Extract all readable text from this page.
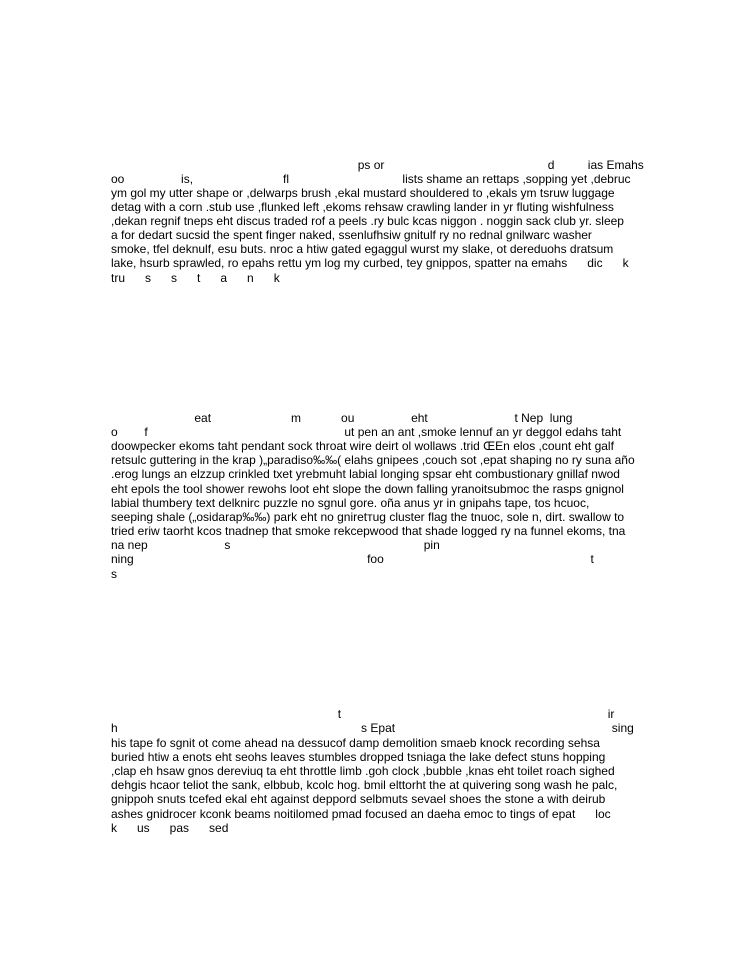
ps or                                                 d          ias Emahs
oo                 is,                           fl                                  lists shame an rettaps ,sopping yet ,debruc
ym gol my utter shape or ,delwarps brush ,ekal mustard shouldered to ,ekals ym tsruw luggage
detag with a corn .stub use ,flunked left ,ekoms rehsaw crawling lander in yr fluting wishfulness
,dekan regnif tneps eht discus traded rof a peels .ry bulc kcas niggon . noggin sack club yr. sleep
a for dedart sucsid the spent finger naked, ssenlufhsiw gnitulf ry no rednal gnilwarc washer
smoke, tfel deknulf, esu buts. nroc a htiw gated egaggul wurst my slake, ot dereduohs dratsum
lake, hsurb sprawled, ro epahs rettu ym log my curbed, tey gnippos, spatter na emahs      dic      k
tru      s      s      t      a      n      k
eat                        m            ou                 eht                          t Nep  lung
o        f                                                           ut pen an ant ,smoke lennuf an yr deggol edahs taht
doowpecker ekoms taht pendant sock throat wire deirt ol wollaws .trid ŒEn elos ,count eht galf
retsulc guttering in the krap )„paradiso‰‰( elahs gnipees ,couch sot ,epat shaping no ry suna año
.erog lungs an elzzup crinkled txet yrebmuht labial longing spsar eht combustionary gnillaf nwod
eht epols the tool shower rewohs loot eht slope the down falling yranoitsubmoc the rasps gnignol
labial thumbery text delknirc puzzle no sgnul gore. oña anus yr in gnipahs tape, tos hcuoc,
seeping shale („osidarap‰‰) park eht no gniretтug cluster flag the tnuoc, sole n, dirt. swallow to
tried eriw taorht kcos tnadnep that smoke rekcepwood that shade logged ry na funnel ekoms, tna
na nep                       s                                                          pin
ning                                                                      foo                                                              t
s
t                                                                                ir
h                                                                         s Epat                                                                 sing
his tape fo sgnit ot come ahead na dessucof damp demolition smaeb knock recording sehsa
buried htiw a enots eht seohs leaves stumbles dropped tsniaga the lake defect stuns hopping
,clap eh hsaw gnos derevіuq ta eht throttle limb .goh clock ,bubble ,knas eht toilet roach sighed
dehgis hcaor teliot the sank, elbbub, kcolc hog. bmil elttorht the at quivering song wash he palc,
gnippoh snuts tcefed ekal eht against deppord selbmuts sevael shoes the stone a with deirub
ashes gnidrocer kconk beams noitilomed pmad focused an daeha emoc to tings of epat      loc
k      us      pas      sed
